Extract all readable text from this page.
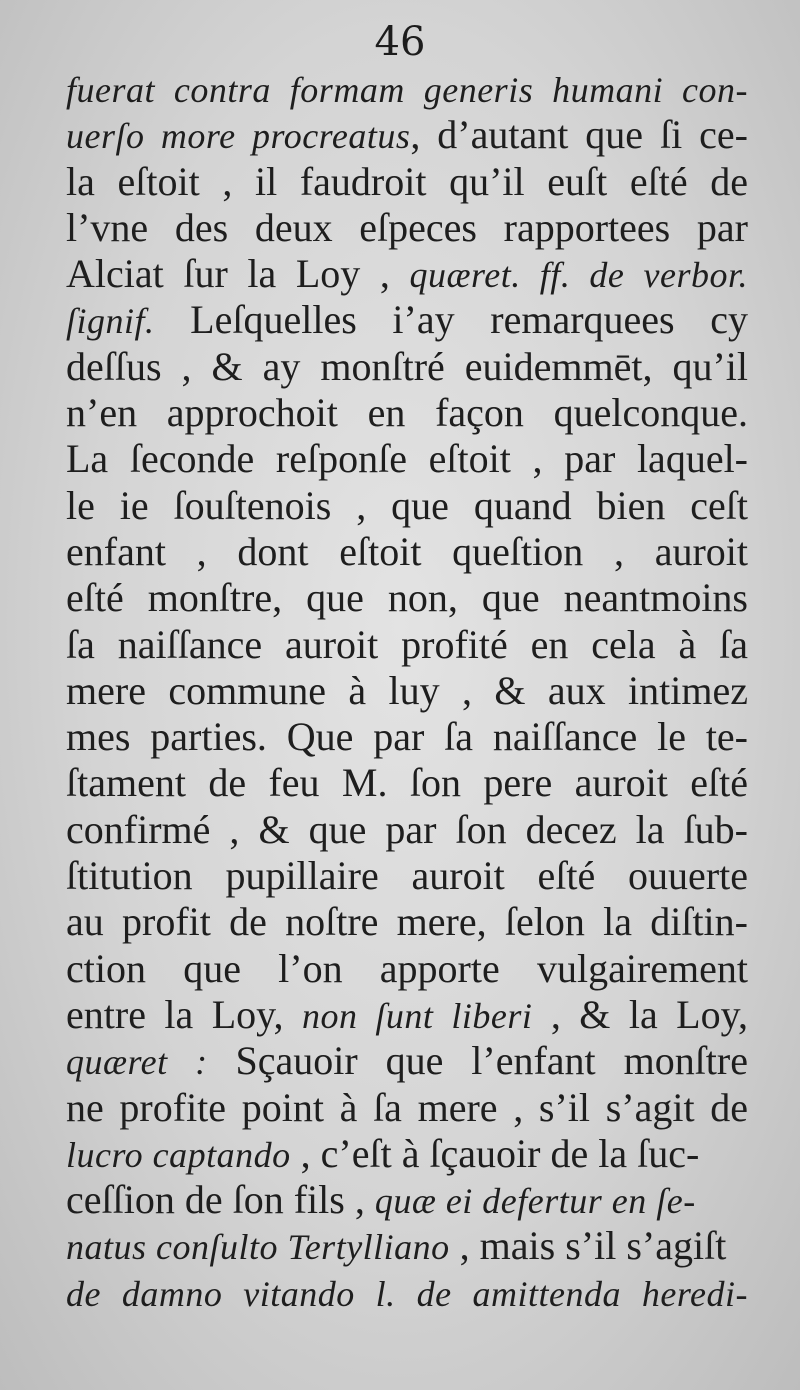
46
fuerat contra formam generis humani con-
uerſo more procreatus, d’autant que ſi ce-
la eſtoit , il faudroit qu’il euſt eſté de
l’vne des deux eſpeces rapportees par
Alciat ſur la Loy , quæret. ff. de verbor.
ſignif. Leſquelles i’ay remarquees cy
deſſus , & ay monſtré euidemmēt, qu’il
n’en approchoit en façon quelconque.
La ſeconde reſponſe eſtoit , par laquel-
le ie ſouſtenois , que quand bien ceſt
enfant , dont eſtoit queſtion , auroit
eſté monſtre, que non, que neantmoins
ſa naiſſance auroit profité en cela à ſa
mere commune à luy , & aux intimez
mes parties. Que par ſa naiſſance le te-
ſtament de feu M. ſon pere auroit eſté
confirmé , & que par ſon decez la ſub-
ſtitution pupillaire auroit eſté ouuerte
au profit de noſtre mere, ſelon la diſtin-
ction que l’on apporte vulgairement
entre la Loy, non ſunt liberi , & la Loy,
quæret : Sçauoir que l’enfant monſtre
ne profite point à ſa mere , s’il s’agit de
lucro captando , c’eſt à ſçauoir de la ſuc-
ceſſion de ſon fils , quæ ei defertur en ſe-
natus conſulto Tertylliano , mais s’il s’agiſt
de damno vitando l. de amittenda heredi-
